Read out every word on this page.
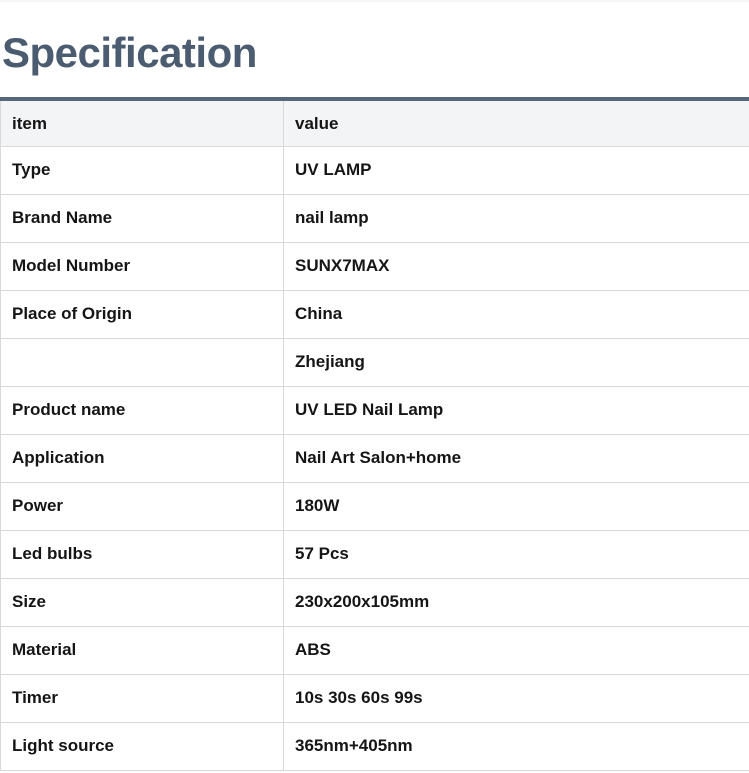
Specification
item	value
Type	UV LAMP
Brand Name	nail lamp
Model Number	SUNX7MAX
Place of Origin	China
	Zhejiang
Product name	UV LED Nail Lamp
Application	Nail Art Salon+home
Power	180W
Led bulbs	57 Pcs
Size	230x200x105mm
Material	ABS
Timer	10s 30s 60s 99s
Light source	365nm+405nm
